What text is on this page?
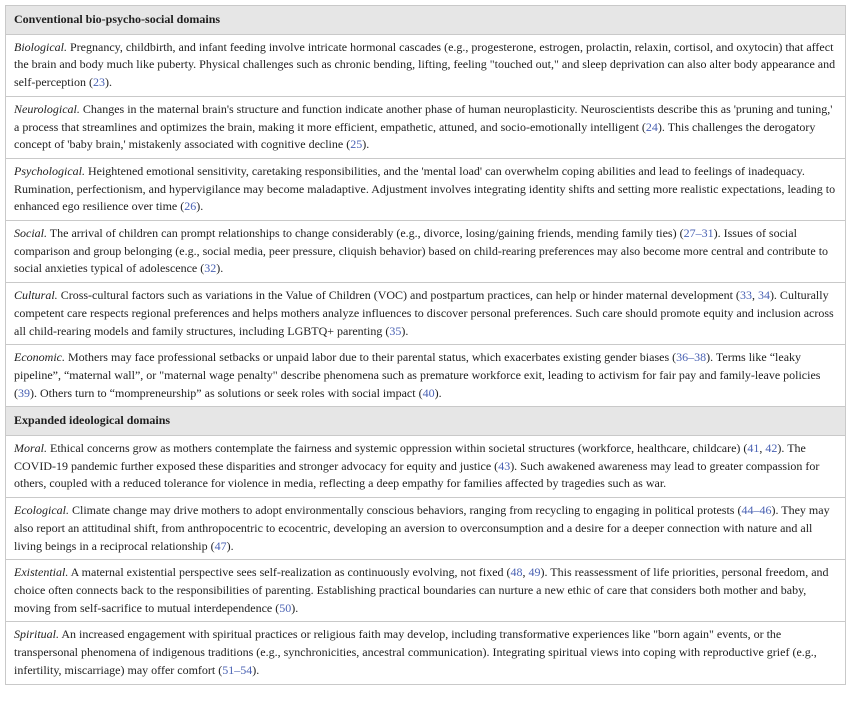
Conventional bio-psycho-social domains

Biological. Pregnancy, childbirth, and infant feeding involve intricate hormonal cascades (e.g., progesterone, estrogen, prolactin, relaxin, cortisol, and oxytocin) that affect the brain and body much like puberty. Physical challenges such as chronic bending, lifting, feeling "touched out," and sleep deprivation can also alter body appearance and self-perception (23).

Neurological. Changes in the maternal brain's structure and function indicate another phase of human neuroplasticity. Neuroscientists describe this as 'pruning and tuning,' a process that streamlines and optimizes the brain, making it more efficient, empathetic, attuned, and socio-emotionally intelligent (24). This challenges the derogatory concept of 'baby brain,' mistakenly associated with cognitive decline (25).

Psychological. Heightened emotional sensitivity, caretaking responsibilities, and the 'mental load' can overwhelm coping abilities and lead to feelings of inadequacy. Rumination, perfectionism, and hypervigilance may become maladaptive. Adjustment involves integrating identity shifts and setting more realistic expectations, leading to enhanced ego resilience over time (26).

Social. The arrival of children can prompt relationships to change considerably (e.g., divorce, losing/gaining friends, mending family ties) (27–31). Issues of social comparison and group belonging (e.g., social media, peer pressure, cliquish behavior) based on child-rearing preferences may also become more central and contribute to social anxieties typical of adolescence (32).

Cultural. Cross-cultural factors such as variations in the Value of Children (VOC) and postpartum practices, can help or hinder maternal development (33, 34). Culturally competent care respects regional preferences and helps mothers analyze influences to discover personal preferences. Such care should promote equity and inclusion across all child-rearing models and family structures, including LGBTQ+ parenting (35).

Economic. Mothers may face professional setbacks or unpaid labor due to their parental status, which exacerbates existing gender biases (36–38). Terms like “leaky pipeline”, “maternal wall”, or "maternal wage penalty" describe phenomena such as premature workforce exit, leading to activism for fair pay and family-leave policies (39). Others turn to “mompreneurship” as solutions or seek roles with social impact (40).

Expanded ideological domains

Moral. Ethical concerns grow as mothers contemplate the fairness and systemic oppression within societal structures (workforce, healthcare, childcare) (41, 42). The COVID-19 pandemic further exposed these disparities and stronger advocacy for equity and justice (43). Such awakened awareness may lead to greater compassion for others, coupled with a reduced tolerance for violence in media, reflecting a deep empathy for families affected by tragedies such as war.

Ecological. Climate change may drive mothers to adopt environmentally conscious behaviors, ranging from recycling to engaging in political protests (44–46). They may also report an attitudinal shift, from anthropocentric to ecocentric, developing an aversion to overconsumption and a desire for a deeper connection with nature and all living beings in a reciprocal relationship (47).

Existential. A maternal existential perspective sees self-realization as continuously evolving, not fixed (48, 49). This reassessment of life priorities, personal freedom, and choice often connects back to the responsibilities of parenting. Establishing practical boundaries can nurture a new ethic of care that considers both mother and baby, moving from self-sacrifice to mutual interdependence (50).

Spiritual. An increased engagement with spiritual practices or religious faith may develop, including transformative experiences like "born again" events, or the transpersonal phenomena of indigenous traditions (e.g., synchronicities, ancestral communication). Integrating spiritual views into coping with reproductive grief (e.g., infertility, miscarriage) may offer comfort (51–54).
